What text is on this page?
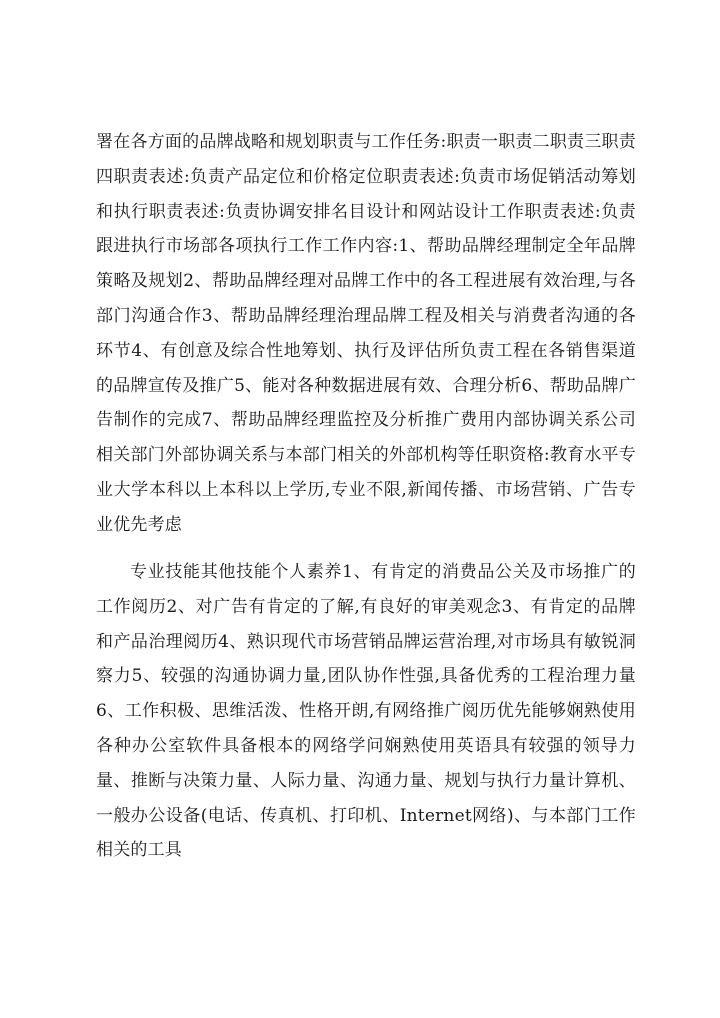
署在各方面的品牌战略和规划职责与工作任务:职责一职责二职责三职责四职责表述:负责产品定位和价格定位职责表述:负责市场促销活动筹划和执行职责表述:负责协调安排名目设计和网站设计工作职责表述:负责跟进执行市场部各项执行工作工作内容:1、帮助品牌经理制定全年品牌策略及规划2、帮助品牌经理对品牌工作中的各工程进展有效治理,与各部门沟通合作3、帮助品牌经理治理品牌工程及相关与消费者沟通的各环节4、有创意及综合性地筹划、执行及评估所负责工程在各销售渠道的品牌宣传及推广5、能对各种数据进展有效、合理分析6、帮助品牌广告制作的完成7、帮助品牌经理监控及分析推广费用内部协调关系公司相关部门外部协调关系与本部门相关的外部机构等任职资格:教育水平专业大学本科以上本科以上学历,专业不限,新闻传播、市场营销、广告专业优先考虑

专业技能其他技能个人素养1、有肯定的消费品公关及市场推广的工作阅历2、对广告有肯定的了解,有良好的审美观念3、有肯定的品牌和产品治理阅历4、熟识现代市场营销品牌运营治理,对市场具有敏锐洞察力5、较强的沟通协调力量,团队协作性强,具备优秀的工程治理力量6、工作积极、思维活泼、性格开朗,有网络推广阅历优先能够娴熟使用各种办公室软件具备根本的网络学问娴熟使用英语具有较强的领导力量、推断与决策力量、人际力量、沟通力量、规划与执行力量计算机、一般办公设备(电话、传真机、打印机、Internet网络)、与本部门工作相关的工具
